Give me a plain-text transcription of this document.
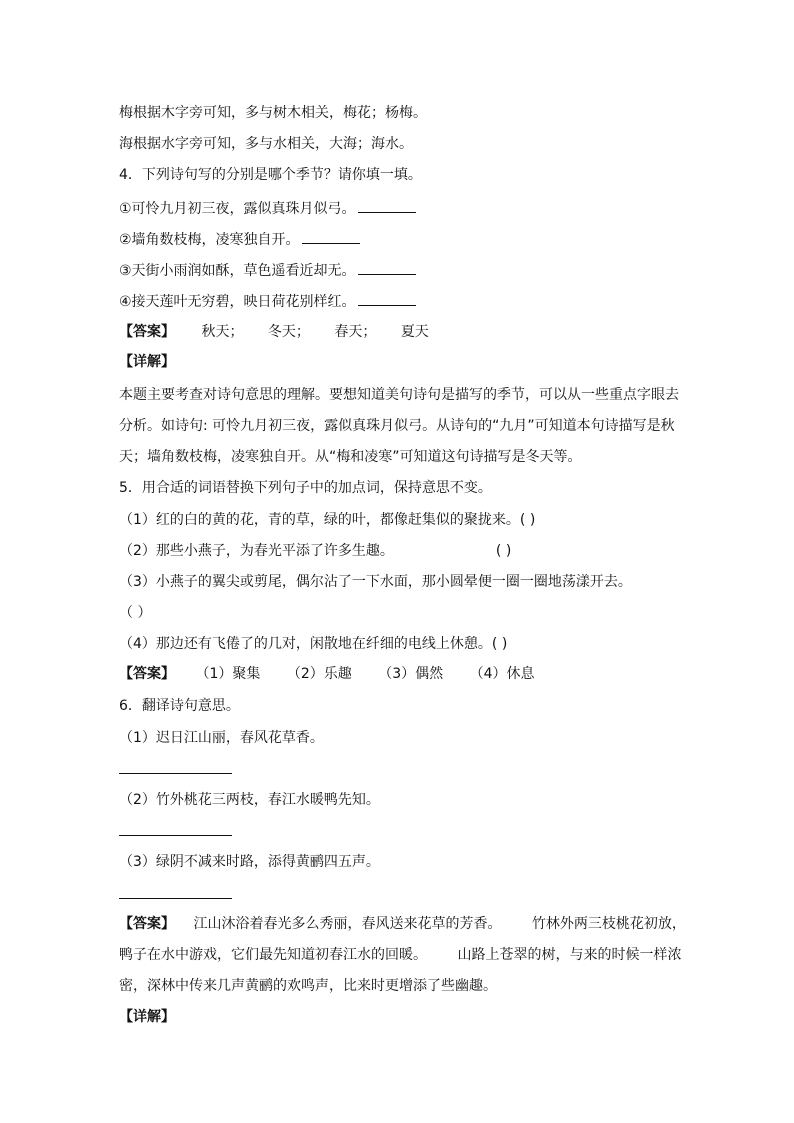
梅根据木字旁可知，多与树木相关，梅花；杨梅。
海根据水字旁可知，多与水相关，大海；海水。
4．下列诗句写的分别是哪个季节？请你填一填。
①可怜九月初三夜，露似真珠月似弓。
②墙角数枝梅，凌寒独自开。
③天街小雨润如酥，草色遥看近却无。
④接天莲叶无穷碧，映日荷花别样红。
【答案】 秋天； 冬天； 春天； 夏天
【详解】
本题主要考查对诗句意思的理解。要想知道美句诗句是描写的季节，可以从一些重点字眼去
分析。如诗句: 可怜九月初三夜，露似真珠月似弓。从诗句的“九月”可知道本句诗描写是秋
天；墙角数枝梅，凌寒独自开。从“梅和凌寒”可知道这句诗描写是冬天等。
5．用合适的词语替换下列句子中的加点词，保持意思不变。
（1）红的白的黄的花，青的草，绿的叶，都像赶集似的聚拢来。( )
（2）那些小燕子，为春光平添了许多生趣。	( )
（3）小燕子的翼尖或剪尾，偶尔沾了一下水面，那小圆晕便一圈一圈地荡漾开去。
（ ）
（4）那边还有飞倦了的几对，闲散地在纤细的电线上休憩。( )
【答案】 （1）聚集 （2）乐趣 （3）偶然 （4）休息
6．翻译诗句意思。
（1）迟日江山丽，春风花草香。
（2）竹外桃花三两枝，春江水暖鸭先知。
（3）绿阴不减来时路，添得黄鹂四五声。
【答案】 江山沐浴着春光多么秀丽，春风送来花草的芳香。 竹林外两三枝桃花初放，
鸭子在水中游戏，它们最先知道初春江水的回暖。 山路上苍翠的树，与来的时候一样浓
密，深林中传来几声黄鹂的欢鸣声，比来时更增添了些幽趣。
【详解】
